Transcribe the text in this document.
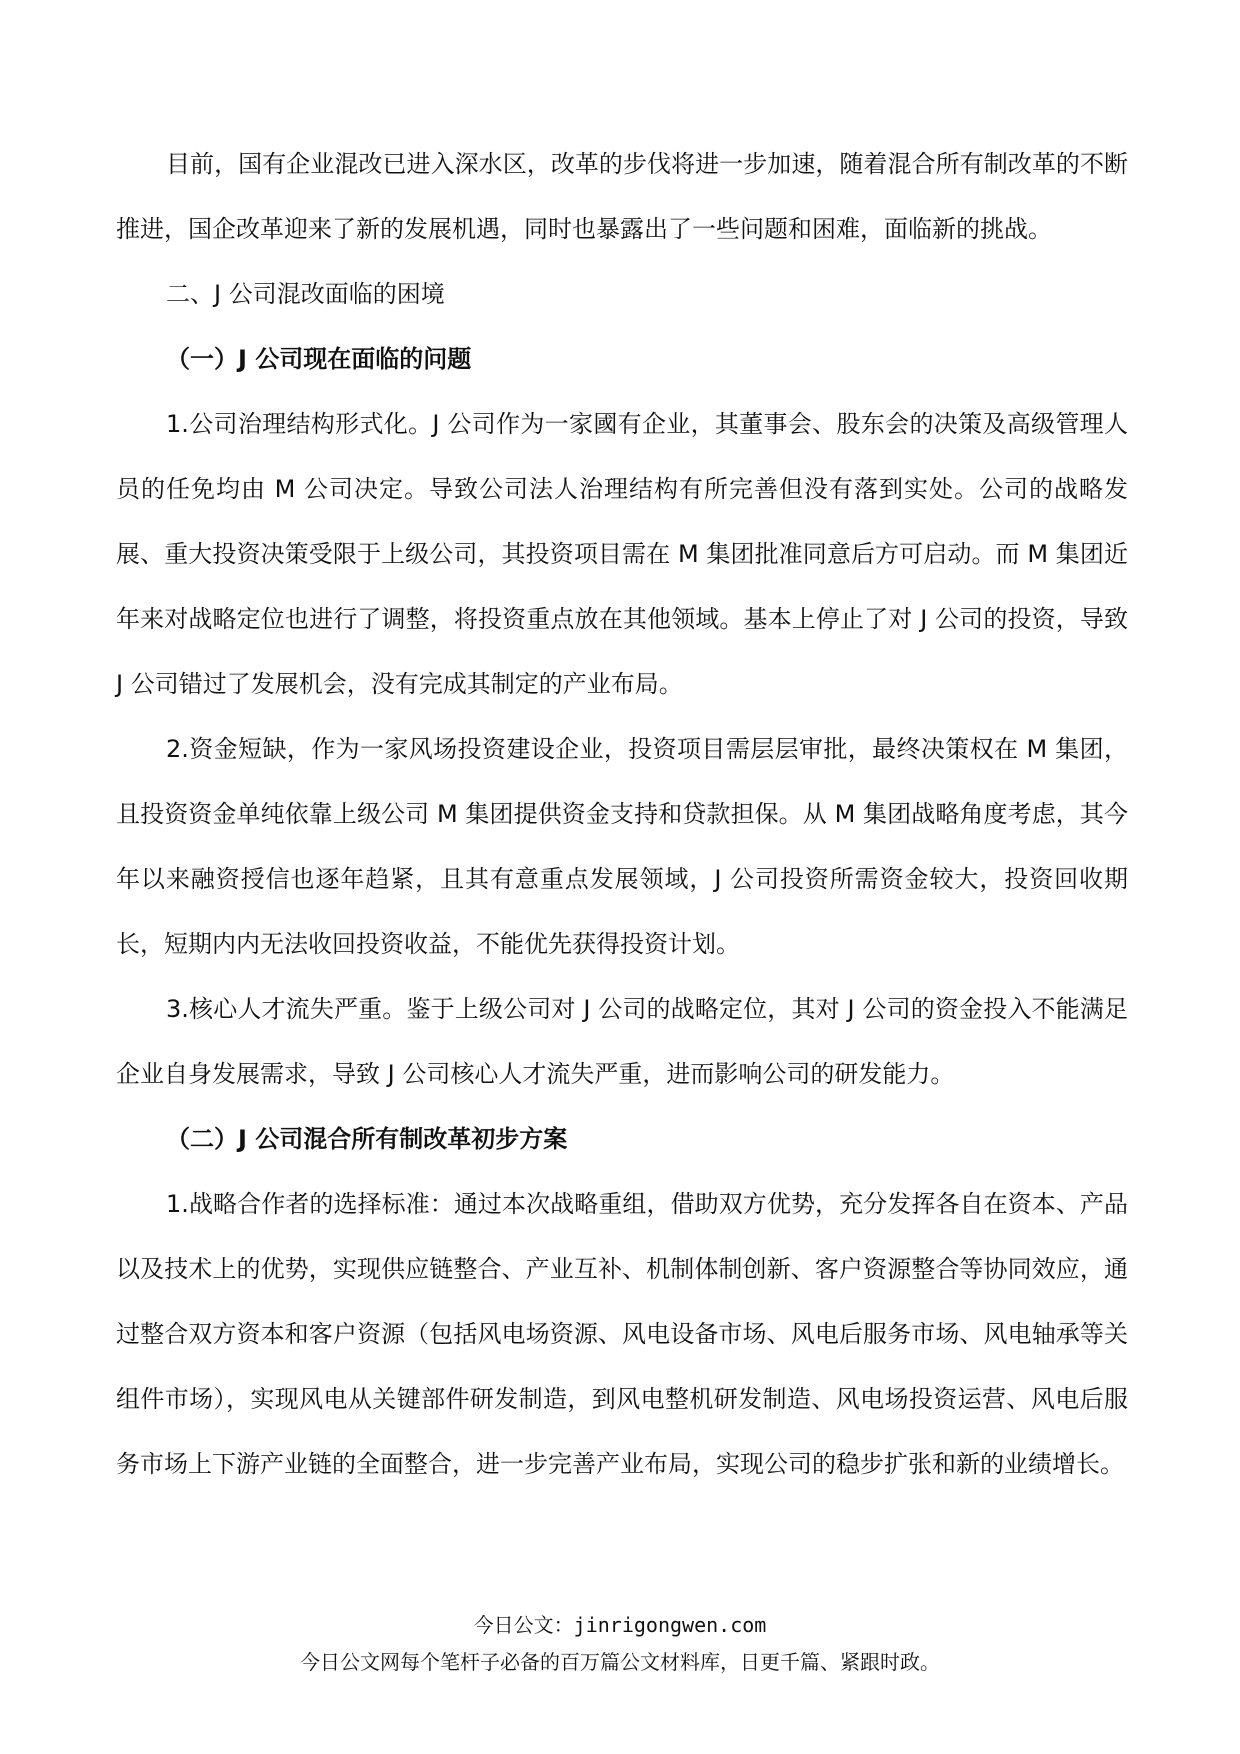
目前，国有企业混改已进入深水区，改革的步伐将进一步加速，随着混合所有制改革的不断推进，国企改革迎来了新的发展机遇，同时也暴露出了一些问题和困难，面临新的挑战。

二、J 公司混改面临的困境

（一）J 公司现在面临的问题

1.公司治理结构形式化。J 公司作为一家國有企业，其董事会、股东会的决策及高级管理人员的任免均由 M 公司决定。导致公司法人治理结构有所完善但没有落到实处。公司的战略发展、重大投资决策受限于上级公司，其投资项目需在 M 集团批准同意后方可启动。而 M 集团近年来对战略定位也进行了调整，将投资重点放在其他领域。基本上停止了对 J 公司的投资，导致 J 公司错过了发展机会，没有完成其制定的产业布局。

2.资金短缺，作为一家风场投资建设企业，投资项目需层层审批，最终决策权在 M 集团，且投资资金单纯依靠上级公司 M 集团提供资金支持和贷款担保。从 M 集团战略角度考虑，其今年以来融资授信也逐年趋紧，且其有意重点发展领域，J 公司投资所需资金较大，投资回收期长，短期内内无法收回投资收益，不能优先获得投资计划。

3.核心人才流失严重。鉴于上级公司对 J 公司的战略定位，其对 J 公司的资金投入不能满足企业自身发展需求，导致 J 公司核心人才流失严重，进而影响公司的研发能力。

（二）J 公司混合所有制改革初步方案

1.战略合作者的选择标准：通过本次战略重组，借助双方优势，充分发挥各自在资本、产品以及技术上的优势，实现供应链整合、产业互补、机制体制创新、客户资源整合等协同效应，通过整合双方资本和客户资源（包括风电场资源、风电设备市场、风电后服务市场、风电轴承等关组件市场），实现风电从关键部件研发制造，到风电整机研发制造、风电场投资运营、风电后服务市场上下游产业链的全面整合，进一步完善产业布局，实现公司的稳步扩张和新的业绩增长。

今日公文：jinrigongwen.com
今日公文网每个笔杆子必备的百万篇公文材料库，日更千篇、紧跟时政。
